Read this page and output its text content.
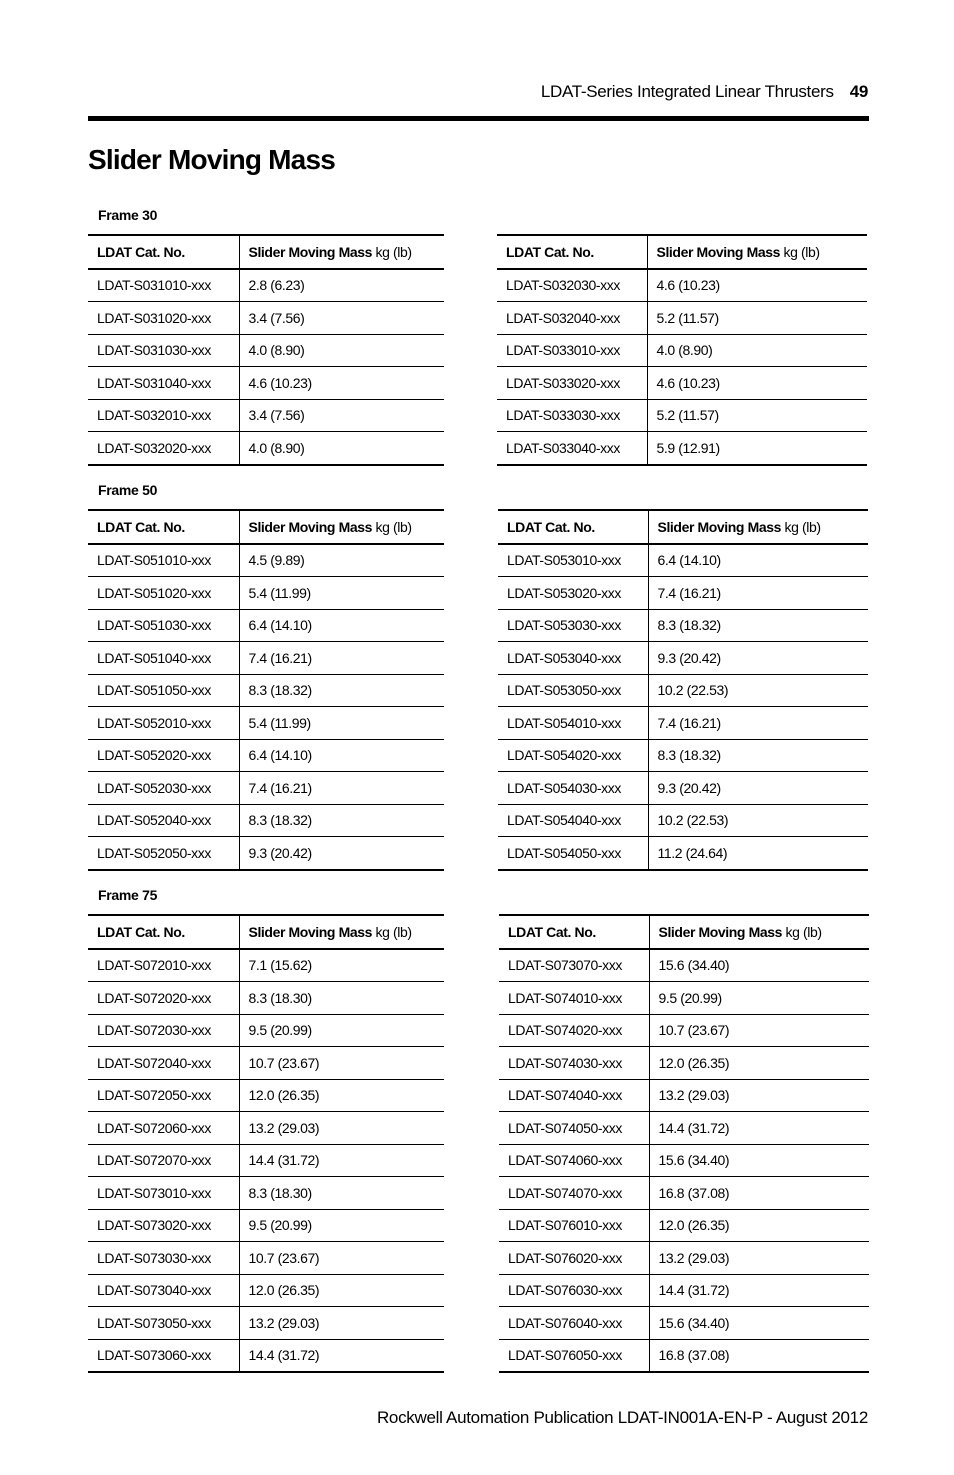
LDAT-Series Integrated Linear Thrusters 49
Slider Moving Mass
Frame 30
LDAT Cat. No.	Slider Moving Mass kg (lb)
LDAT-S031010-xxx	2.8 (6.23)
LDAT-S031020-xxx	3.4 (7.56)
LDAT-S031030-xxx	4.0 (8.90)
LDAT-S031040-xxx	4.6 (10.23)
LDAT-S032010-xxx	3.4 (7.56)
LDAT-S032020-xxx	4.0 (8.90)
LDAT Cat. No.	Slider Moving Mass kg (lb)
LDAT-S032030-xxx	4.6 (10.23)
LDAT-S032040-xxx	5.2 (11.57)
LDAT-S033010-xxx	4.0 (8.90)
LDAT-S033020-xxx	4.6 (10.23)
LDAT-S033030-xxx	5.2 (11.57)
LDAT-S033040-xxx	5.9 (12.91)
Frame 50
LDAT Cat. No.	Slider Moving Mass kg (lb)
LDAT-S051010-xxx	4.5 (9.89)
LDAT-S051020-xxx	5.4 (11.99)
LDAT-S051030-xxx	6.4 (14.10)
LDAT-S051040-xxx	7.4 (16.21)
LDAT-S051050-xxx	8.3 (18.32)
LDAT-S052010-xxx	5.4 (11.99)
LDAT-S052020-xxx	6.4 (14.10)
LDAT-S052030-xxx	7.4 (16.21)
LDAT-S052040-xxx	8.3 (18.32)
LDAT-S052050-xxx	9.3 (20.42)
LDAT Cat. No.	Slider Moving Mass kg (lb)
LDAT-S053010-xxx	6.4 (14.10)
LDAT-S053020-xxx	7.4 (16.21)
LDAT-S053030-xxx	8.3 (18.32)
LDAT-S053040-xxx	9.3 (20.42)
LDAT-S053050-xxx	10.2 (22.53)
LDAT-S054010-xxx	7.4 (16.21)
LDAT-S054020-xxx	8.3 (18.32)
LDAT-S054030-xxx	9.3 (20.42)
LDAT-S054040-xxx	10.2 (22.53)
LDAT-S054050-xxx	11.2 (24.64)
Frame 75
LDAT Cat. No.	Slider Moving Mass kg (lb)
LDAT-S072010-xxx	7.1 (15.62)
LDAT-S072020-xxx	8.3 (18.30)
LDAT-S072030-xxx	9.5 (20.99)
LDAT-S072040-xxx	10.7 (23.67)
LDAT-S072050-xxx	12.0 (26.35)
LDAT-S072060-xxx	13.2 (29.03)
LDAT-S072070-xxx	14.4 (31.72)
LDAT-S073010-xxx	8.3 (18.30)
LDAT-S073020-xxx	9.5 (20.99)
LDAT-S073030-xxx	10.7 (23.67)
LDAT-S073040-xxx	12.0 (26.35)
LDAT-S073050-xxx	13.2 (29.03)
LDAT-S073060-xxx	14.4 (31.72)
LDAT Cat. No.	Slider Moving Mass kg (lb)
LDAT-S073070-xxx	15.6 (34.40)
LDAT-S074010-xxx	9.5 (20.99)
LDAT-S074020-xxx	10.7 (23.67)
LDAT-S074030-xxx	12.0 (26.35)
LDAT-S074040-xxx	13.2 (29.03)
LDAT-S074050-xxx	14.4 (31.72)
LDAT-S074060-xxx	15.6 (34.40)
LDAT-S074070-xxx	16.8 (37.08)
LDAT-S076010-xxx	12.0 (26.35)
LDAT-S076020-xxx	13.2 (29.03)
LDAT-S076030-xxx	14.4 (31.72)
LDAT-S076040-xxx	15.6 (34.40)
LDAT-S076050-xxx	16.8 (37.08)
Rockwell Automation Publication LDAT-IN001A-EN-P - August 2012
